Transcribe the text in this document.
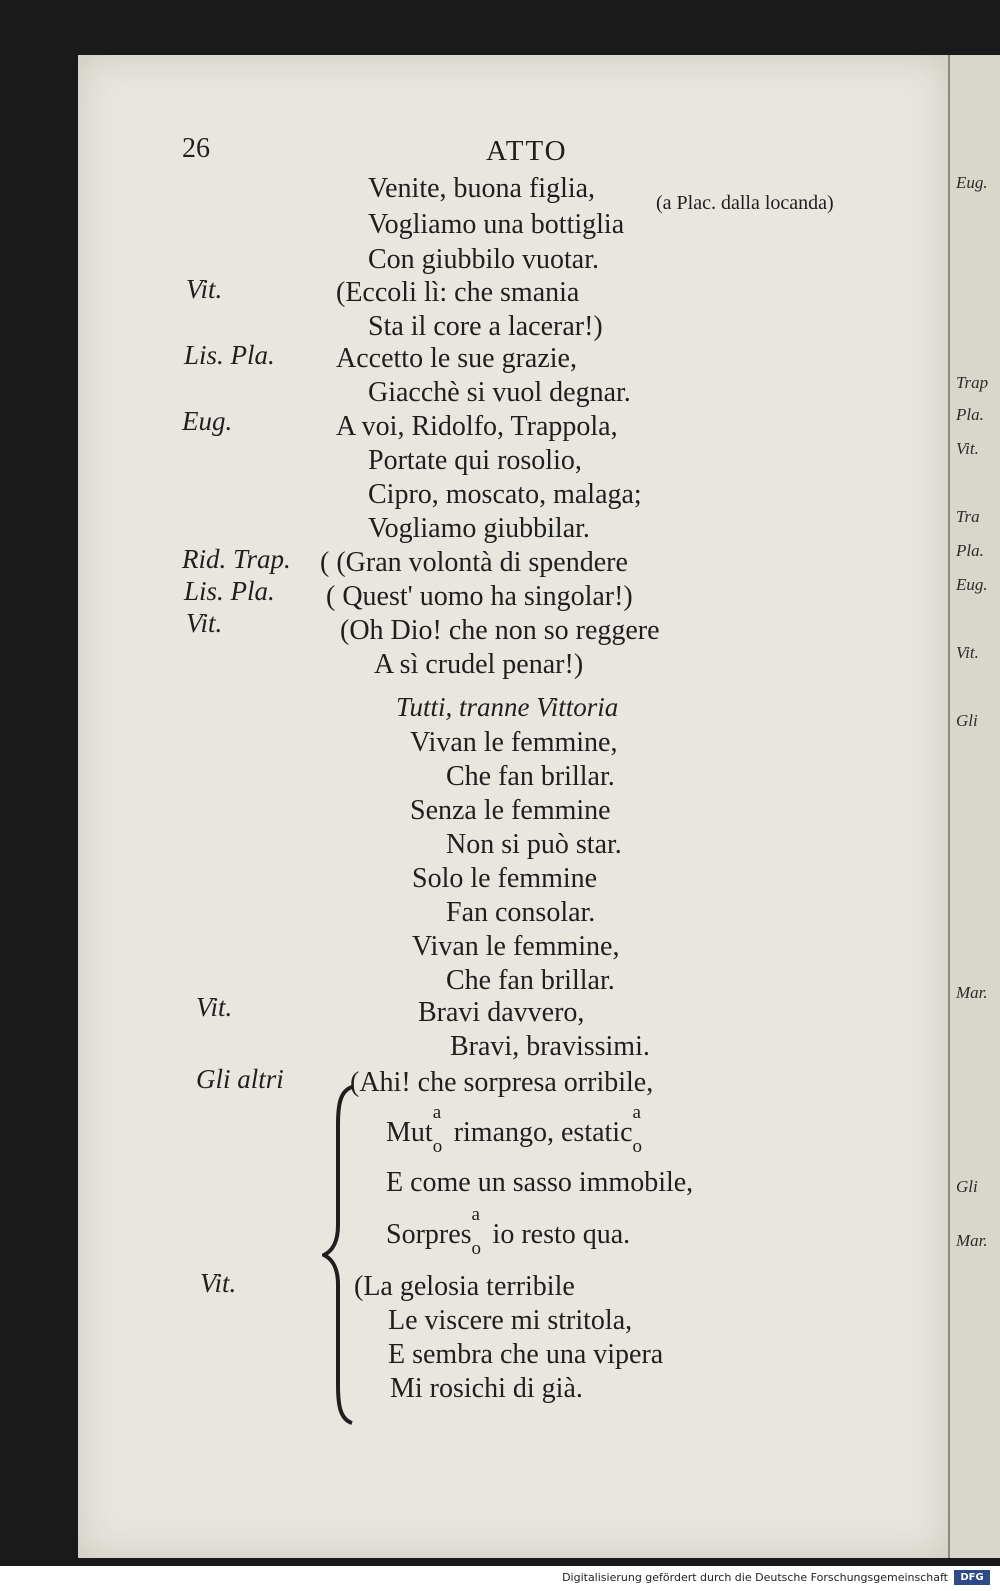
26	ATTO
Venite, buona figlia,	(a Plac. dalla locanda)
Vogliamo una bottiglia
Con giubbilo vuotar.
Vit.	(Eccoli lì: che smania
Sta il core a lacerar!)
Lis. Pla. Accetto le sue grazie,
Giacchè si vuol degnar.
Eug.	A voi, Ridolfo, Trappola,
Portate qui rosolio,
Cipro, moscato, malaga;
Vogliamo giubbilar.
Rid. Trap. ( (Gran volontà di spendere
Lis. Pla. ( Quest' uomo ha singolar!)
Vit.	(Oh Dio! che non so reggere
A sì crudel penar!)
Tutti, tranne Vittoria
Vivan le femmine,
Che fan brillar.
Senza le femmine
Non si può star.
Solo le femmine
Fan consolar.
Vivan le femmine,
Che fan brillar.
Vit.	Bravi davvero,
Bravi, bravissimi.
Gli altri (Ahi! che sorpresa orribile,
Mut
a
o rimango, estatic
a
o
E come un sasso immobile,
Sorpres
a
o io resto qua.
Vit.	(La gelosia terribile
Le viscere mi stritola,
E sembra che una vipera
Mi rosichi di già.
Eug.
Trap
Pla.
Vit.
Tra
Pla.
Eug.
Vit.
Gli
Mar.
Gli
Mar.
Digitalisierung gefördert durch die Deutsche Forschungsgemeinschaft	DFG
